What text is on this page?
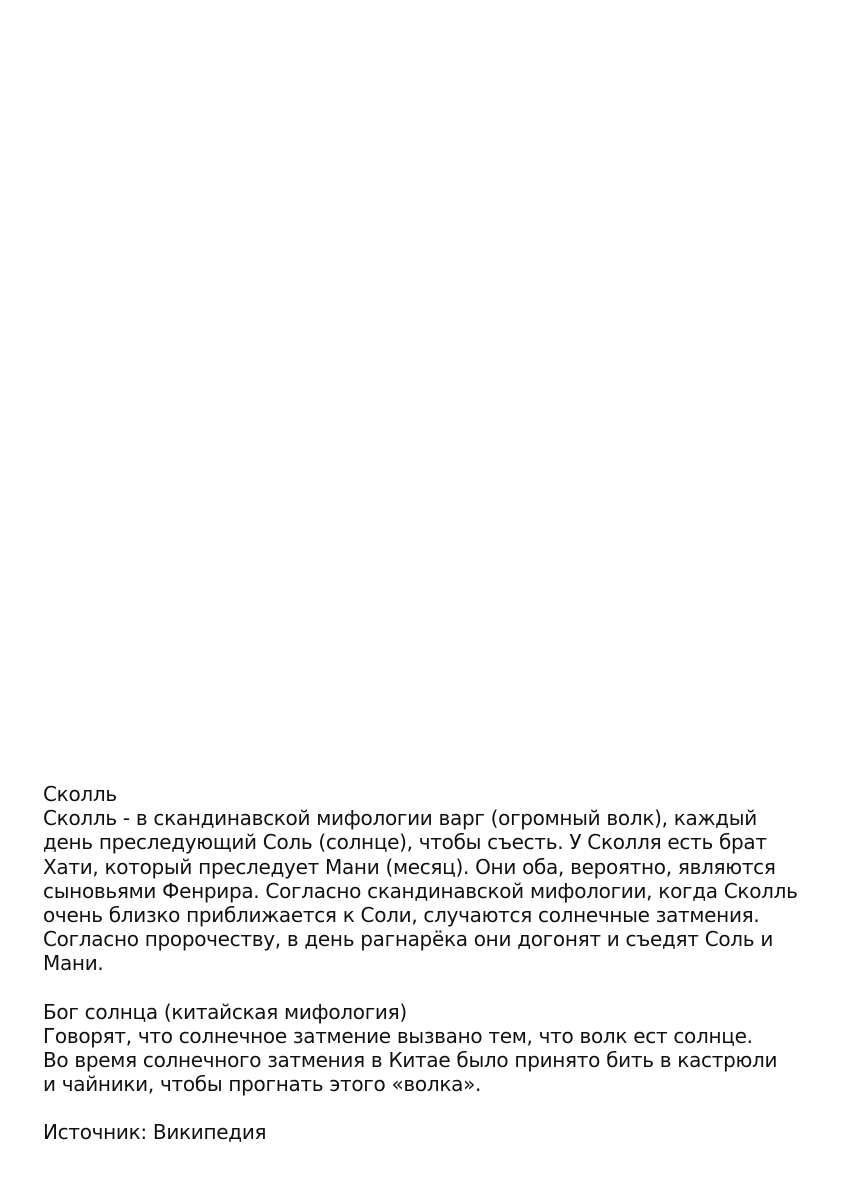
Сколль
Сколль - в скандинавской мифологии варг (огромный волк), каждый
день преследующий Соль (солнце), чтобы съесть. У Сколля есть брат
Хати, который преследует Мани (месяц). Они оба, вероятно, являются
сыновьями Фенрира. Согласно скандинавской мифологии, когда Сколль
очень близко приближается к Соли, случаются солнечные затмения.
Согласно пророчеству, в день рагнарёка они догонят и съедят Соль и
Мани.
Бог солнца (китайская мифология)
Говорят, что солнечное затмение вызвано тем, что волк ест солнце.
Во время солнечного затмения в Китае было принято бить в кастрюли
и чайники, чтобы прогнать этого «волка».
Источник: Википедия
